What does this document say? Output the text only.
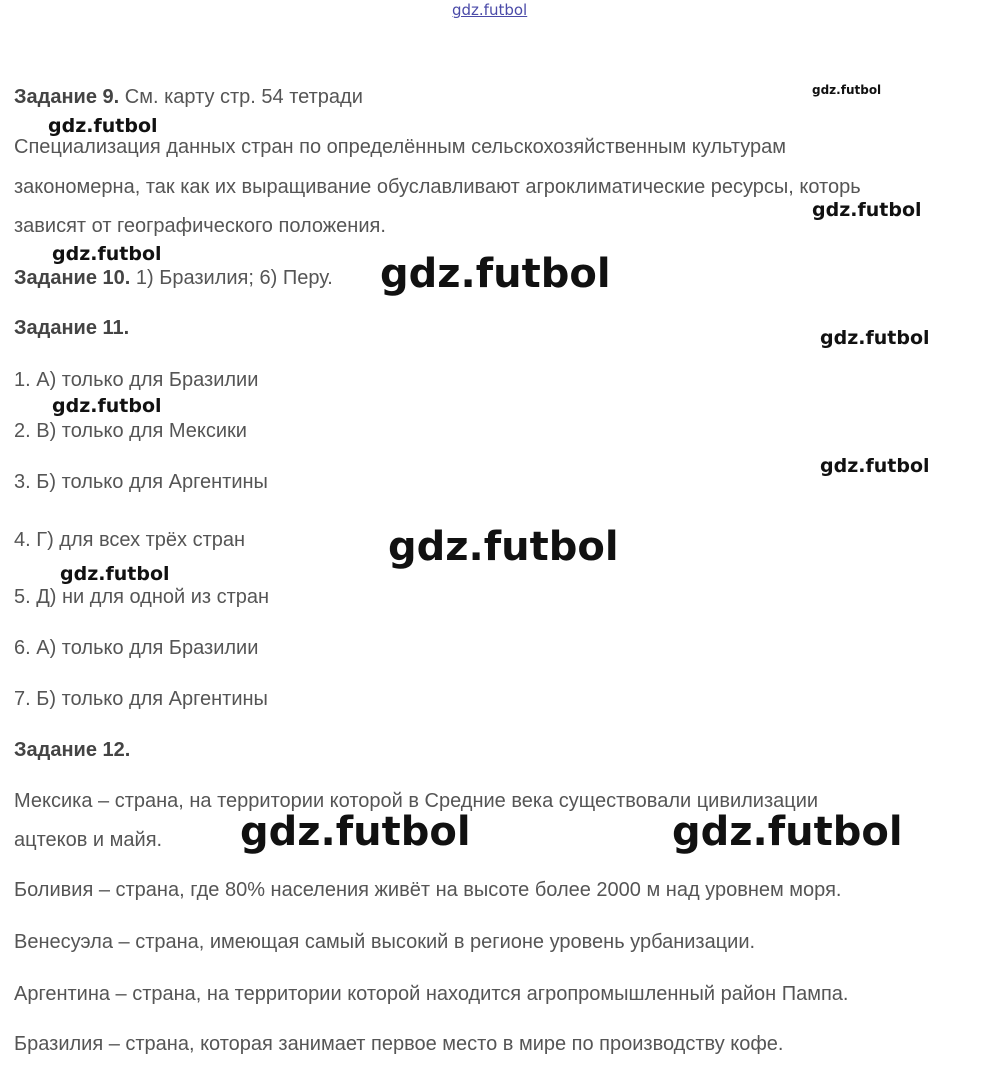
gdz.futbol
gdz.futbol
gdz.futbol
gdz.futbol
gdz.futbol	gdz.futbol
gdz.futbol
gdz.futbol
gdz.futbol
gdz.futbol
gdz.futbol
gdz.futbol	gdz.futbol
Задание 9. См. карту стр. 54 тетради
Специализация данных стран по определённым сельскохозяйственным культурам
закономерна, так как их выращивание обуславливают агроклиматические ресурсы, которь
зависят от географического положения.
Задание 10. 1) Бразилия; 6) Перу.
Задание 11.
1. А) только для Бразилии
2. В) только для Мексики
3. Б) только для Аргентины
4. Г) для всех трёх стран
5. Д) ни для одной из стран
6. А) только для Бразилии
7. Б) только для Аргентины
Задание 12.
Мексика – страна, на территории которой в Средние века существовали цивилизации
ацтеков и майя.
Боливия – страна, где 80% населения живёт на высоте более 2000 м над уровнем моря.
Венесуэла – страна, имеющая самый высокий в регионе уровень урбанизации.
Аргентина – страна, на территории которой находится агропромышленный район Пампа.
Бразилия – страна, которая занимает первое место в мире по производству кофе.
